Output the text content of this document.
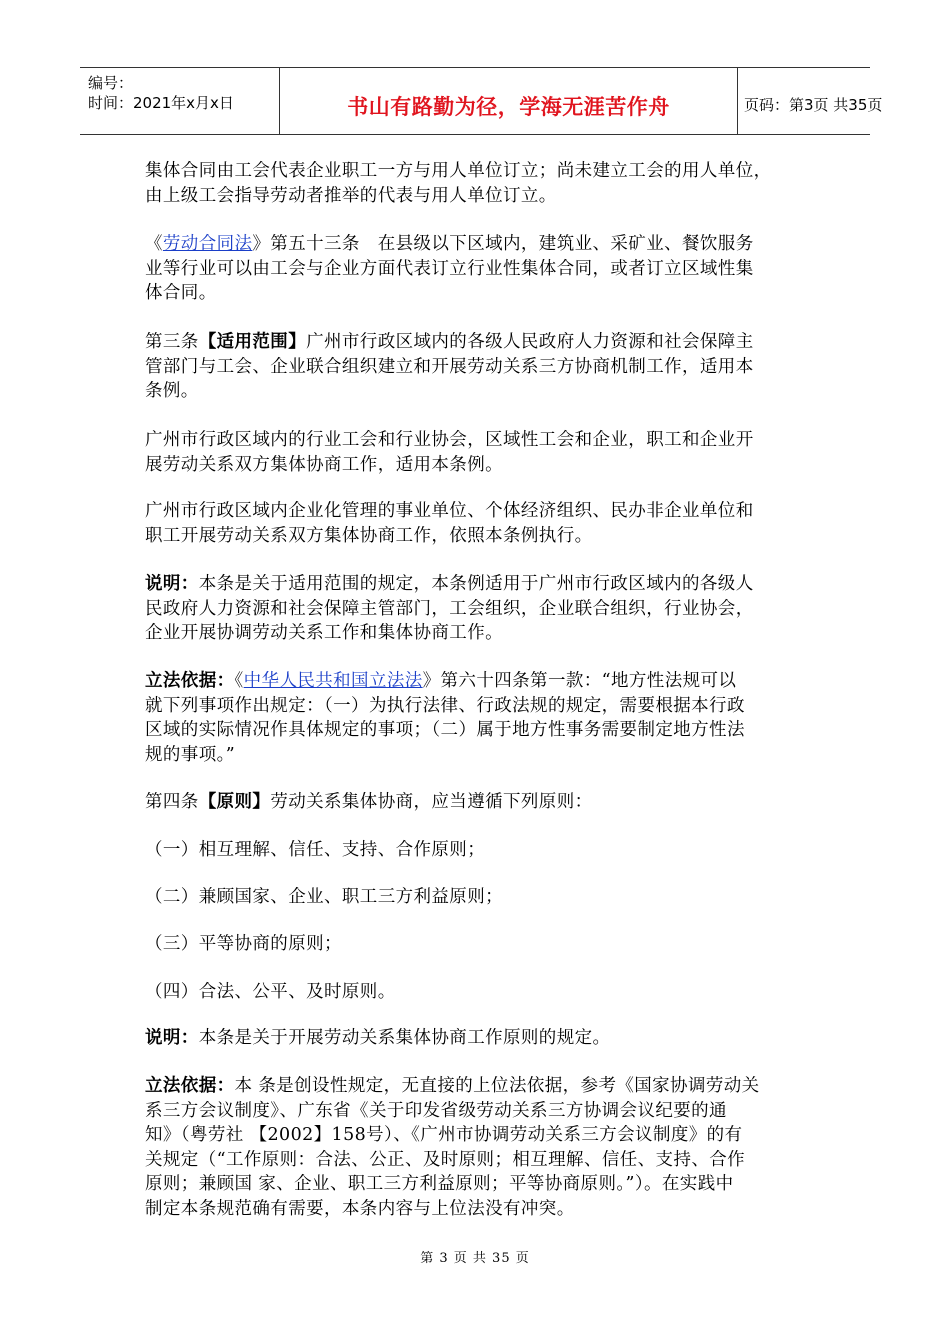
编号：
时间：2021年x月x日	书山有路勤为径，学海无涯苦作舟	页码：第3页 共35页
集体合同由工会代表企业职工一方与用人单位订立；尚未建立工会的用人单位，
由上级工会指导劳动者推举的代表与用人单位订立。
《劳动合同法》第五十三条　在县级以下区域内，建筑业、采矿业、餐饮服务
业等行业可以由工会与企业方面代表订立行业性集体合同，或者订立区域性集
体合同。
第三条【适用范围】广州市行政区域内的各级人民政府人力资源和社会保障主
管部门与工会、企业联合组织建立和开展劳动关系三方协商机制工作，适用本
条例。
广州市行政区域内的行业工会和行业协会，区域性工会和企业，职工和企业开
展劳动关系双方集体协商工作，适用本条例。
广州市行政区域内企业化管理的事业单位、个体经济组织、民办非企业单位和
职工开展劳动关系双方集体协商工作，依照本条例执行。
说明：本条是关于适用范围的规定，本条例适用于广州市行政区域内的各级人
民政府人力资源和社会保障主管部门，工会组织，企业联合组织，行业协会，
企业开展协调劳动关系工作和集体协商工作。
立法依据：《中华人民共和国立法法》第六十四条第一款：“地方性法规可以
就下列事项作出规定：（一）为执行法律、行政法规的规定，需要根据本行政
区域的实际情况作具体规定的事项；（二）属于地方性事务需要制定地方性法
规的事项。”
第四条【原则】劳动关系集体协商，应当遵循下列原则：
（一）相互理解、信任、支持、合作原则；
（二）兼顾国家、企业、职工三方利益原则；
（三）平等协商的原则；
（四）合法、公平、及时原则。
说明：本条是关于开展劳动关系集体协商工作原则的规定。
立法依据：本 条是创设性规定，无直接的上位法依据，参考《国家协调劳动关
系三方会议制度》、广东省《关于印发省级劳动关系三方协调会议纪要的通
知》（粤劳社 【2002】158号）、《广州市协调劳动关系三方会议制度》的有
关规定（“工作原则：合法、公正、及时原则；相互理解、信任、支持、合作
原则；兼顾国 家、企业、职工三方利益原则；平等协商原则。”）。在实践中
制定本条规范确有需要，本条内容与上位法没有冲突。
第 3 页 共 35 页
